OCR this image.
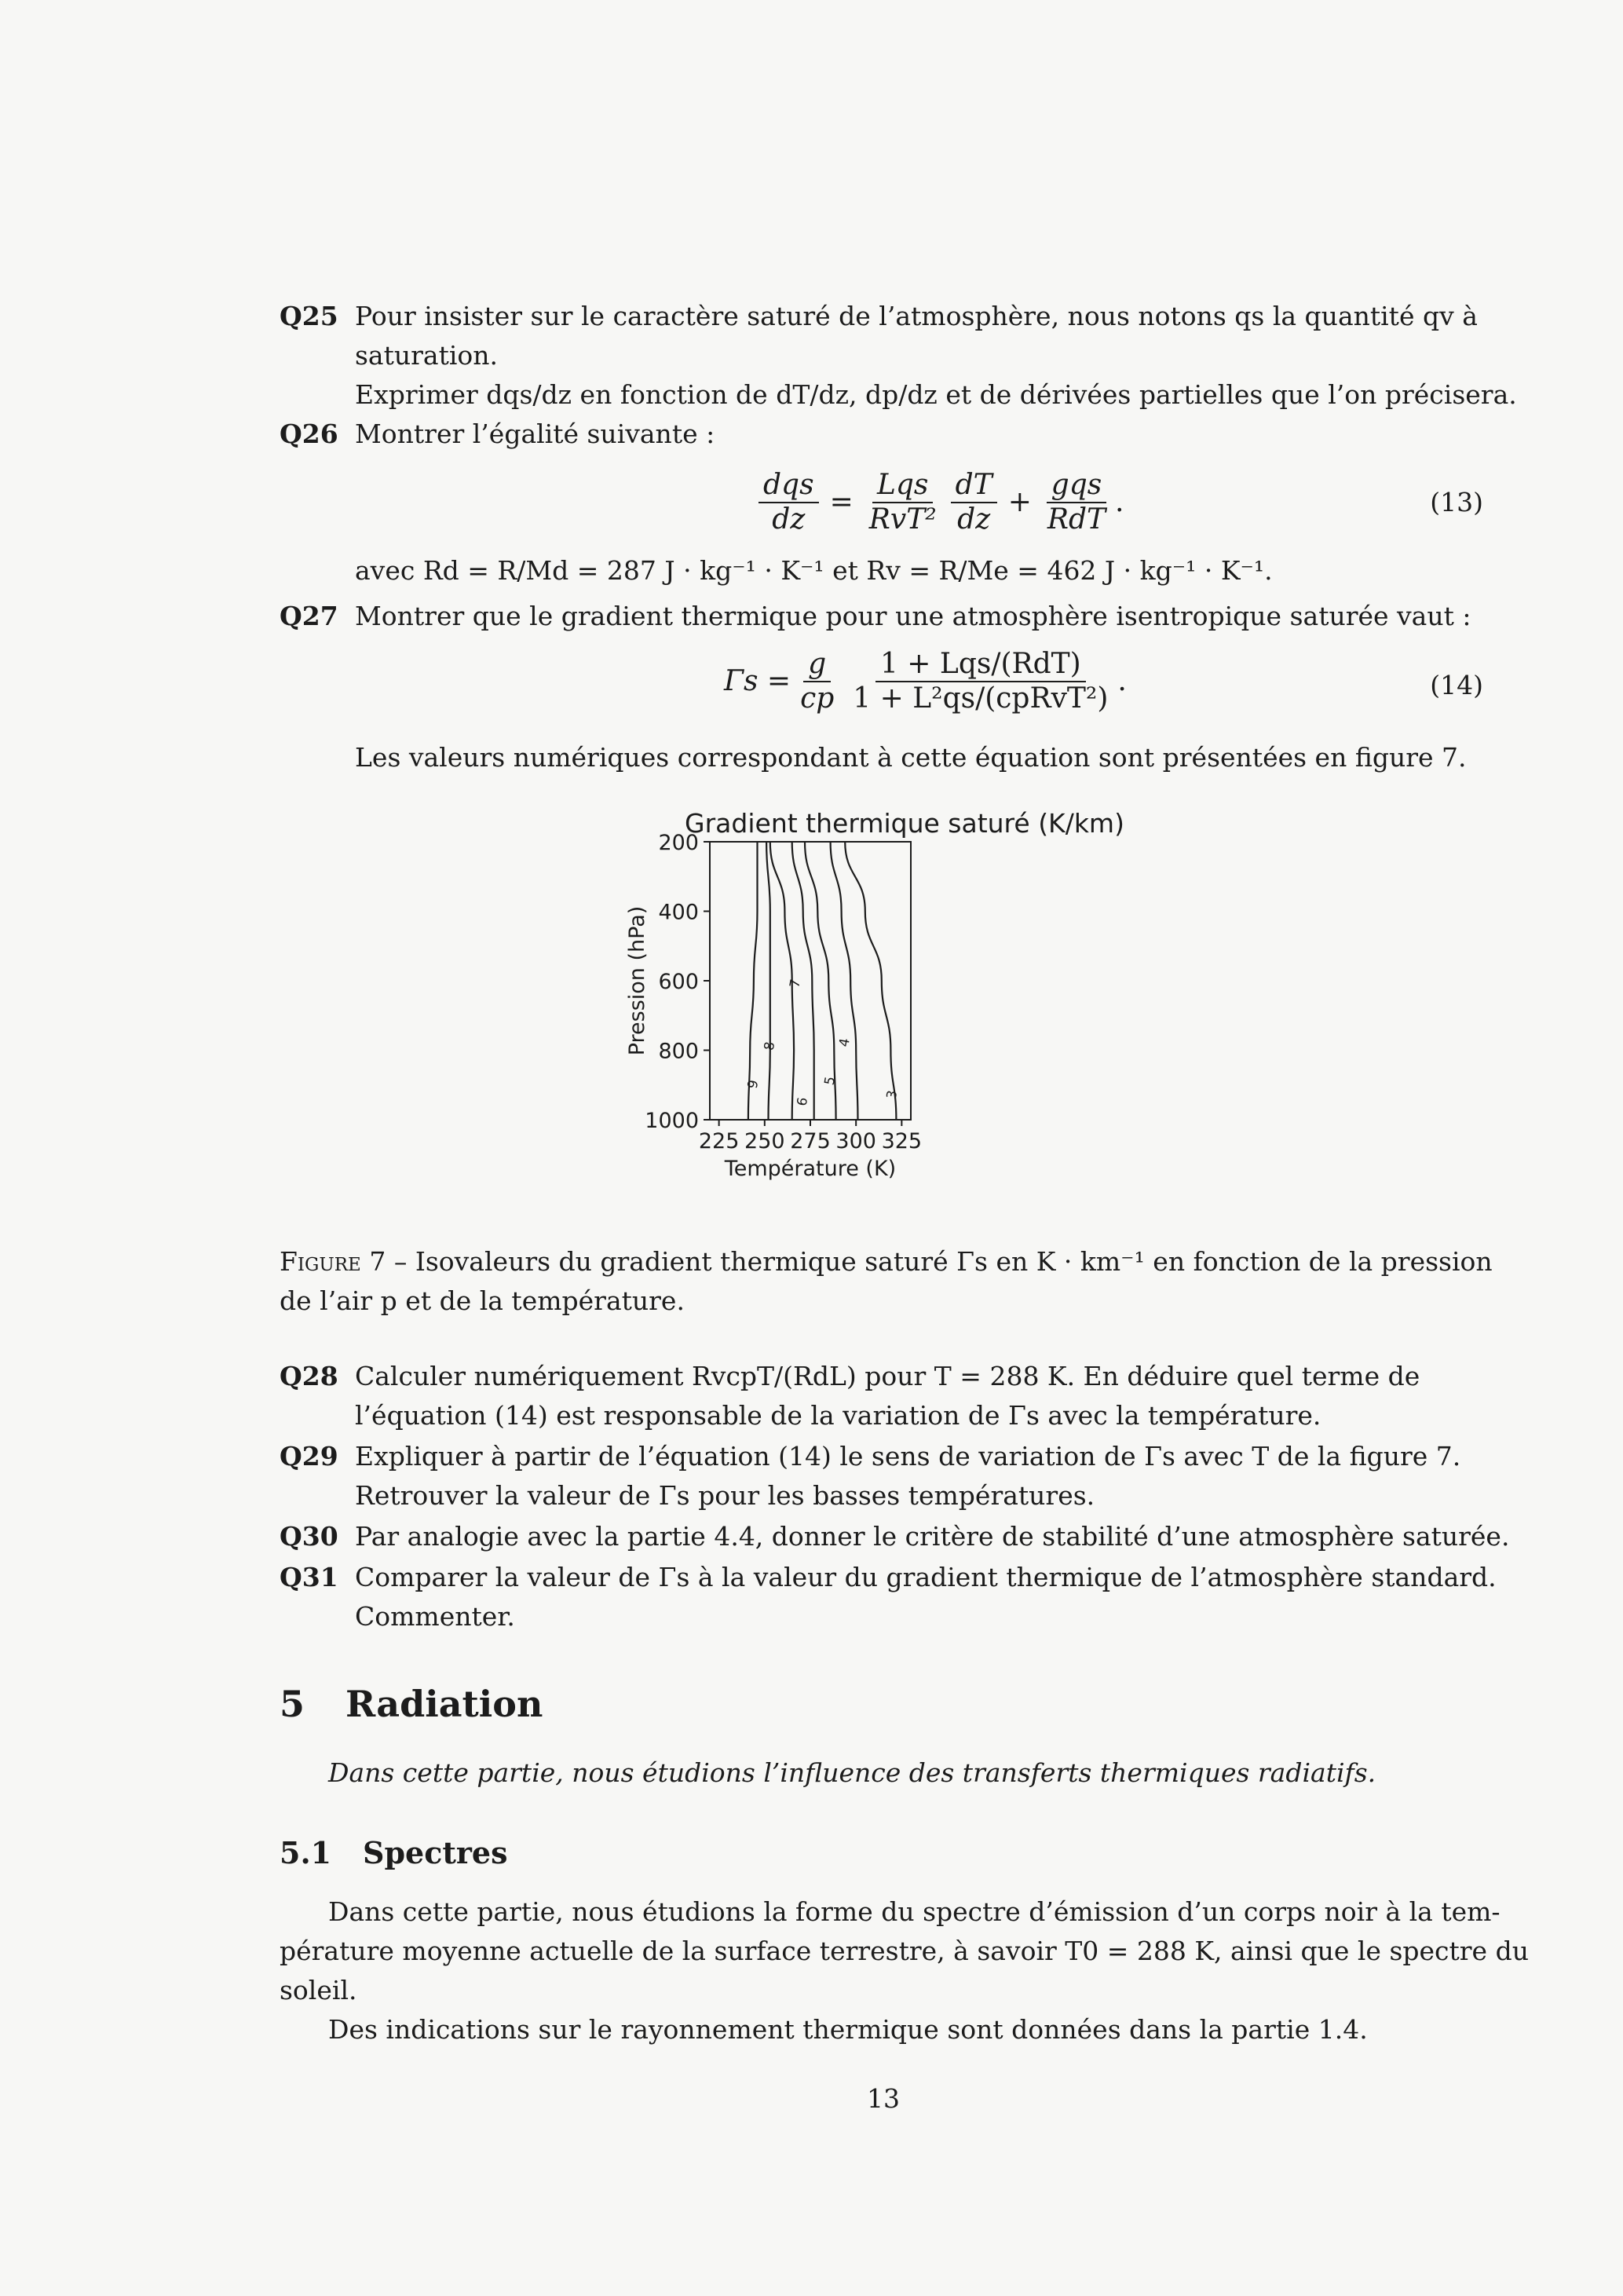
Q25 Pour insister sur le caractère saturé de l’atmosphère, nous notons qs la quantité qv à
saturation.
Exprimer dqs/dz en fonction de dT/dz, dp/dz et de dérivées partielles que l’on précisera.
Q26 Montrer l’égalité suivante :
$\frac{\text{dqs}}{dz} = \frac{\text{Lqs}}{\text{RvT²}} \frac{dT}{dz} + \frac{\text{gqs}}{\text{RdT}}$ .	(13)
avec Rd = R/Md = 287 J · kg⁻¹ · K⁻¹ et Rv = R/Me = 462 J · kg⁻¹ · K⁻¹.
Q27 Montrer que le gradient thermique pour une atmosphère isentropique saturée vaut :
$\Gamma s = \frac{g}{cp} \frac{\text{1 + Lqs/(RdT)}}{\text{1 + L²qs/(cpRvT²)}}$ .	(14)
Les valeurs numériques correspondant à cette équation sont présentées en figure 7.
Gradient thermique saturé (K/km)
200
400
600
800
1000
225 250 275 300 325
9
8
7
6
5
4
3
Température (K)
Pression (hPa)
Figure 7 – Isovaleurs du gradient thermique saturé Γs en K · km⁻¹ en fonction de la pression
de l’air p et de la température.
Q28 Calculer numériquement RvcpT/(RdL) pour T = 288 K. En déduire quel terme de
l’équation (14) est responsable de la variation de Γs avec la température.
Q29 Expliquer à partir de l’équation (14) le sens de variation de Γs avec T de la figure 7.
Retrouver la valeur de Γs pour les basses températures.
Q30 Par analogie avec la partie 4.4, donner le critère de stabilité d’une atmosphère saturée.
Q31 Comparer la valeur de Γs à la valeur du gradient thermique de l’atmosphère standard.
Commenter.
5 Radiation
Dans cette partie, nous étudions l’influence des transferts thermiques radiatifs.
5.1 Spectres
Dans cette partie, nous étudions la forme du spectre d’émission d’un corps noir à la tem-
pérature moyenne actuelle de la surface terrestre, à savoir T0 = 288 K, ainsi que le spectre du
soleil.
Des indications sur le rayonnement thermique sont données dans la partie 1.4.
13
